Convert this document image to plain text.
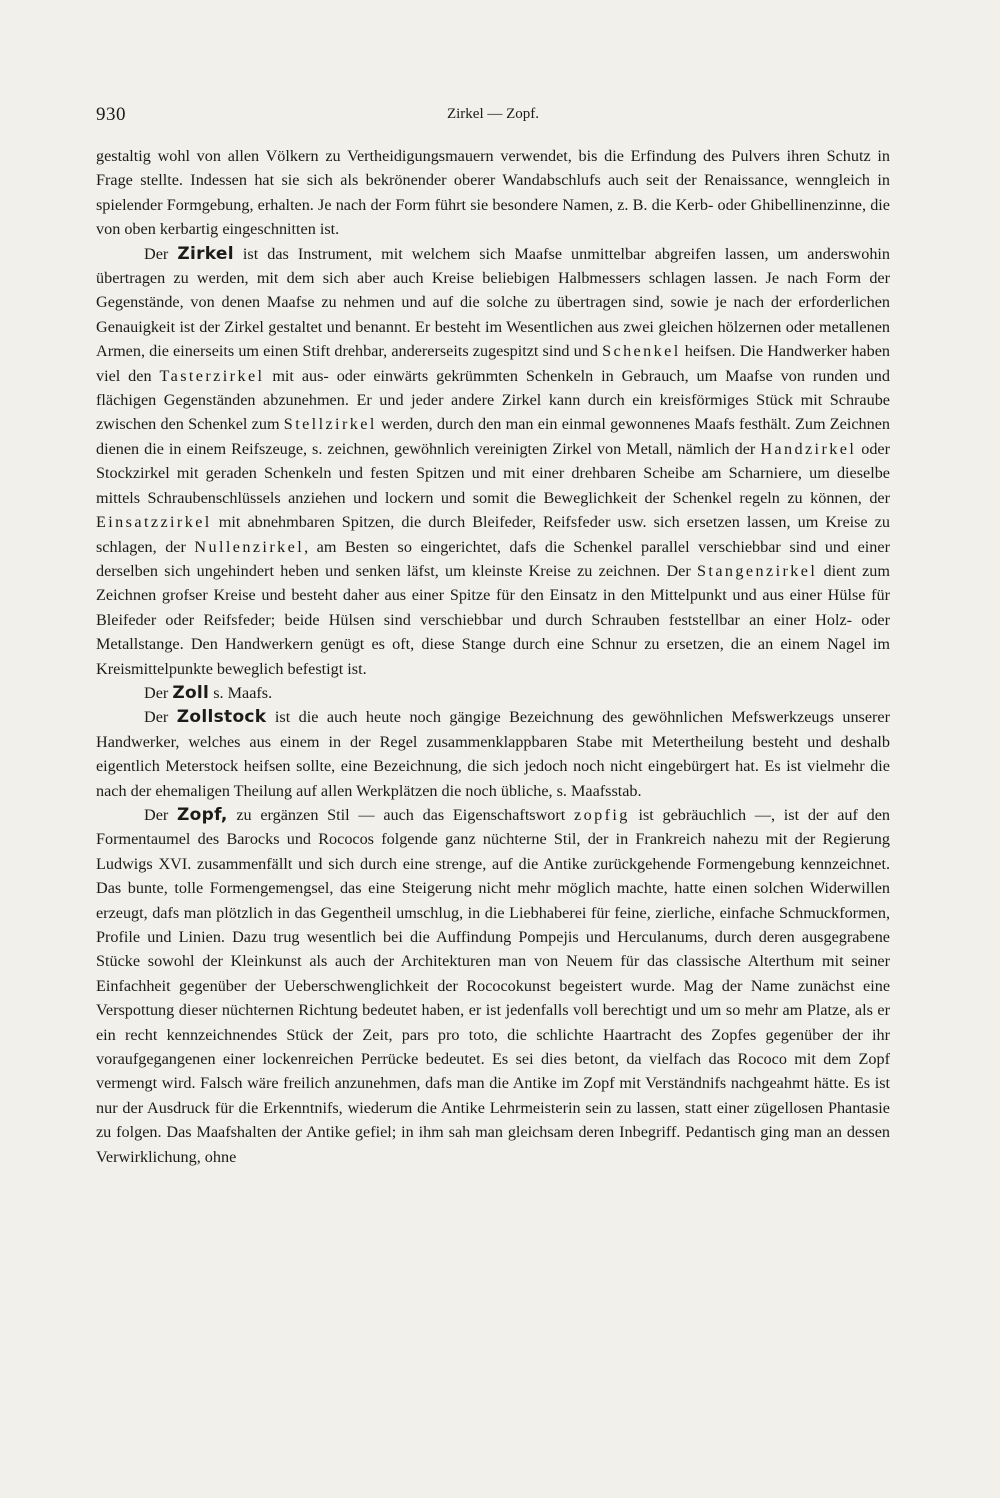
930	Zirkel — Zopf.

gestaltig wohl von allen Völkern zu Vertheidigungsmauern verwendet, bis die Erfindung des Pulvers ihren Schutz in Frage stellte. Indessen hat sie sich als bekrönender oberer Wandabschlufs auch seit der Renaissance, wenngleich in spielender Formgebung, erhalten. Je nach der Form führt sie besondere Namen, z. B. die Kerb- oder Ghibellinenzinne, die von oben kerbartig eingeschnitten ist.

Der Zirkel ist das Instrument, mit welchem sich Maafse unmittelbar abgreifen lassen, um anderswohin übertragen zu werden, mit dem sich aber auch Kreise beliebigen Halbmessers schlagen lassen. Je nach Form der Gegenstände, von denen Maafse zu nehmen und auf die solche zu übertragen sind, sowie je nach der erforderlichen Genauigkeit ist der Zirkel gestaltet und benannt. Er besteht im Wesentlichen aus zwei gleichen hölzernen oder metallenen Armen, die einerseits um einen Stift drehbar, andererseits zugespitzt sind und Schenkel heifsen. Die Handwerker haben viel den Tasterzirkel mit aus- oder einwärts gekrümmten Schenkeln in Gebrauch, um Maafse von runden und flächigen Gegenständen abzunehmen. Er und jeder andere Zirkel kann durch ein kreisförmiges Stück mit Schraube zwischen den Schenkel zum Stellzirkel werden, durch den man ein einmal gewonnenes Maafs festhält. Zum Zeichnen dienen die in einem Reifszeuge, s. zeichnen, gewöhnlich vereinigten Zirkel von Metall, nämlich der Handzirkel oder Stockzirkel mit geraden Schenkeln und festen Spitzen und mit einer drehbaren Scheibe am Scharniere, um dieselbe mittels Schraubenschlüssels anziehen und lockern und somit die Beweglichkeit der Schenkel regeln zu können, der Einsatzzirkel mit abnehmbaren Spitzen, die durch Bleifeder, Reifsfeder usw. sich ersetzen lassen, um Kreise zu schlagen, der Nullenzirkel, am Besten so eingerichtet, dafs die Schenkel parallel verschiebbar sind und einer derselben sich ungehindert heben und senken läfst, um kleinste Kreise zu zeichnen. Der Stangenzirkel dient zum Zeichnen grofser Kreise und besteht daher aus einer Spitze für den Einsatz in den Mittelpunkt und aus einer Hülse für Bleifeder oder Reifsfeder; beide Hülsen sind verschiebbar und durch Schrauben feststellbar an einer Holz- oder Metallstange. Den Handwerkern genügt es oft, diese Stange durch eine Schnur zu ersetzen, die an einem Nagel im Kreismittelpunkte beweglich befestigt ist.

Der Zoll s. Maafs.

Der Zollstock ist die auch heute noch gängige Bezeichnung des gewöhnlichen Mefswerkzeugs unserer Handwerker, welches aus einem in der Regel zusammenklappbaren Stabe mit Metertheilung besteht und deshalb eigentlich Meterstock heifsen sollte, eine Bezeichnung, die sich jedoch noch nicht eingebürgert hat. Es ist vielmehr die nach der ehemaligen Theilung auf allen Werkplätzen die noch übliche, s. Maafsstab.

Der Zopf, zu ergänzen Stil — auch das Eigenschaftswort zopfig ist gebräuchlich —, ist der auf den Formentaumel des Barocks und Rococos folgende ganz nüchterne Stil, der in Frankreich nahezu mit der Regierung Ludwigs XVI. zusammenfällt und sich durch eine strenge, auf die Antike zurückgehende Formengebung kennzeichnet. Das bunte, tolle Formengemengsel, das eine Steigerung nicht mehr möglich machte, hatte einen solchen Widerwillen erzeugt, dafs man plötzlich in das Gegentheil umschlug, in die Liebhaberei für feine, zierliche, einfache Schmuckformen, Profile und Linien. Dazu trug wesentlich bei die Auffindung Pompejis und Herculanums, durch deren ausgegrabene Stücke sowohl der Kleinkunst als auch der Architekturen man von Neuem für das classische Alterthum mit seiner Einfachheit gegenüber der Ueberschwenglichkeit der Rococokunst begeistert wurde. Mag der Name zunächst eine Verspottung dieser nüchternen Richtung bedeutet haben, er ist jedenfalls voll berechtigt und um so mehr am Platze, als er ein recht kennzeichnendes Stück der Zeit, pars pro toto, die schlichte Haartracht des Zopfes gegenüber der ihr voraufgegangenen einer lockenreichen Perrücke bedeutet. Es sei dies betont, da vielfach das Rococo mit dem Zopf vermengt wird. Falsch wäre freilich anzunehmen, dafs man die Antike im Zopf mit Verständnifs nachgeahmt hätte. Es ist nur der Ausdruck für die Erkenntnifs, wiederum die Antike Lehrmeisterin sein zu lassen, statt einer zügellosen Phantasie zu folgen. Das Maafshalten der Antike gefiel; in ihm sah man gleichsam deren Inbegriff. Pedantisch ging man an dessen Verwirklichung, ohne
